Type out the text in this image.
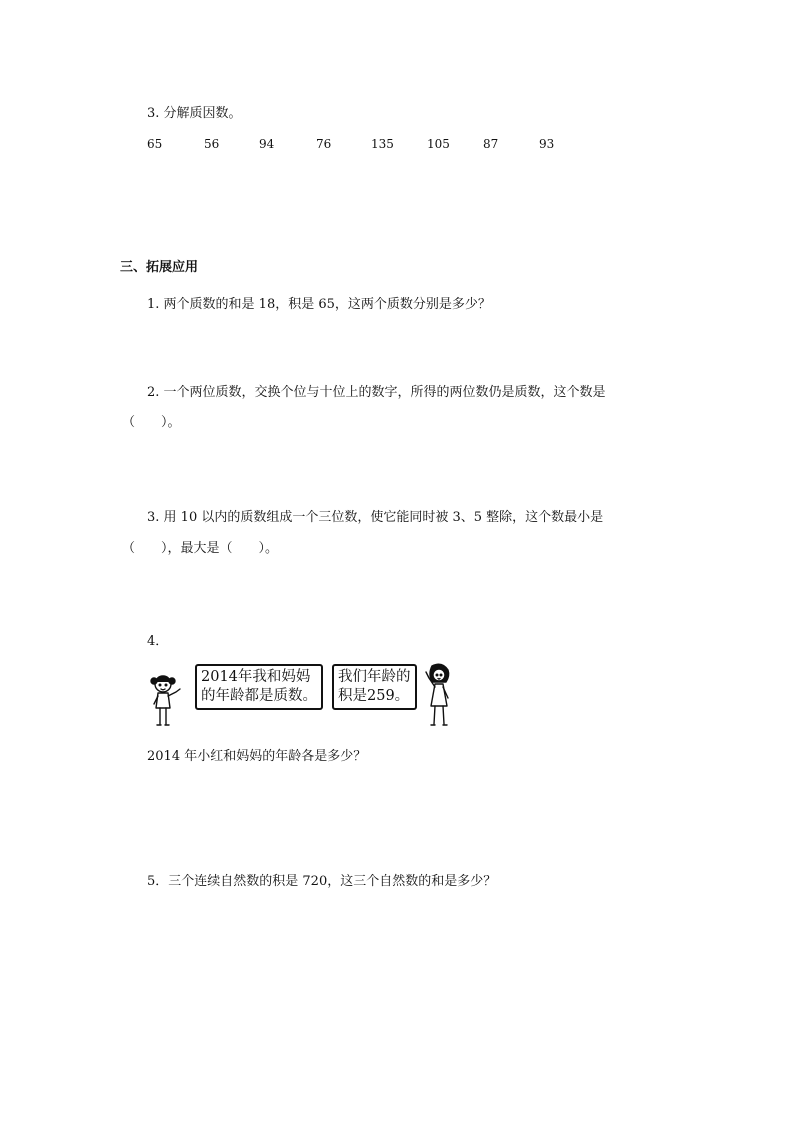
3. 分解质因数。
65	56	94	76	135	105	87	93
三、拓展应用
1. 两个质数的和是 18，积是 65，这两个质数分别是多少？
2. 一个两位质数，交换个位与十位上的数字，所得的两位数仍是质数，这个数是
（　　）。
3. 用 10 以内的质数组成一个三位数，使它能同时被 3、5 整除，这个数最小是
（　　），最大是（　　）。
4．
2014年我和妈妈
的年龄都是质数。
我们年龄的
积是259。
2014 年小红和妈妈的年龄各是多少？
5．三个连续自然数的积是 720，这三个自然数的和是多少？
